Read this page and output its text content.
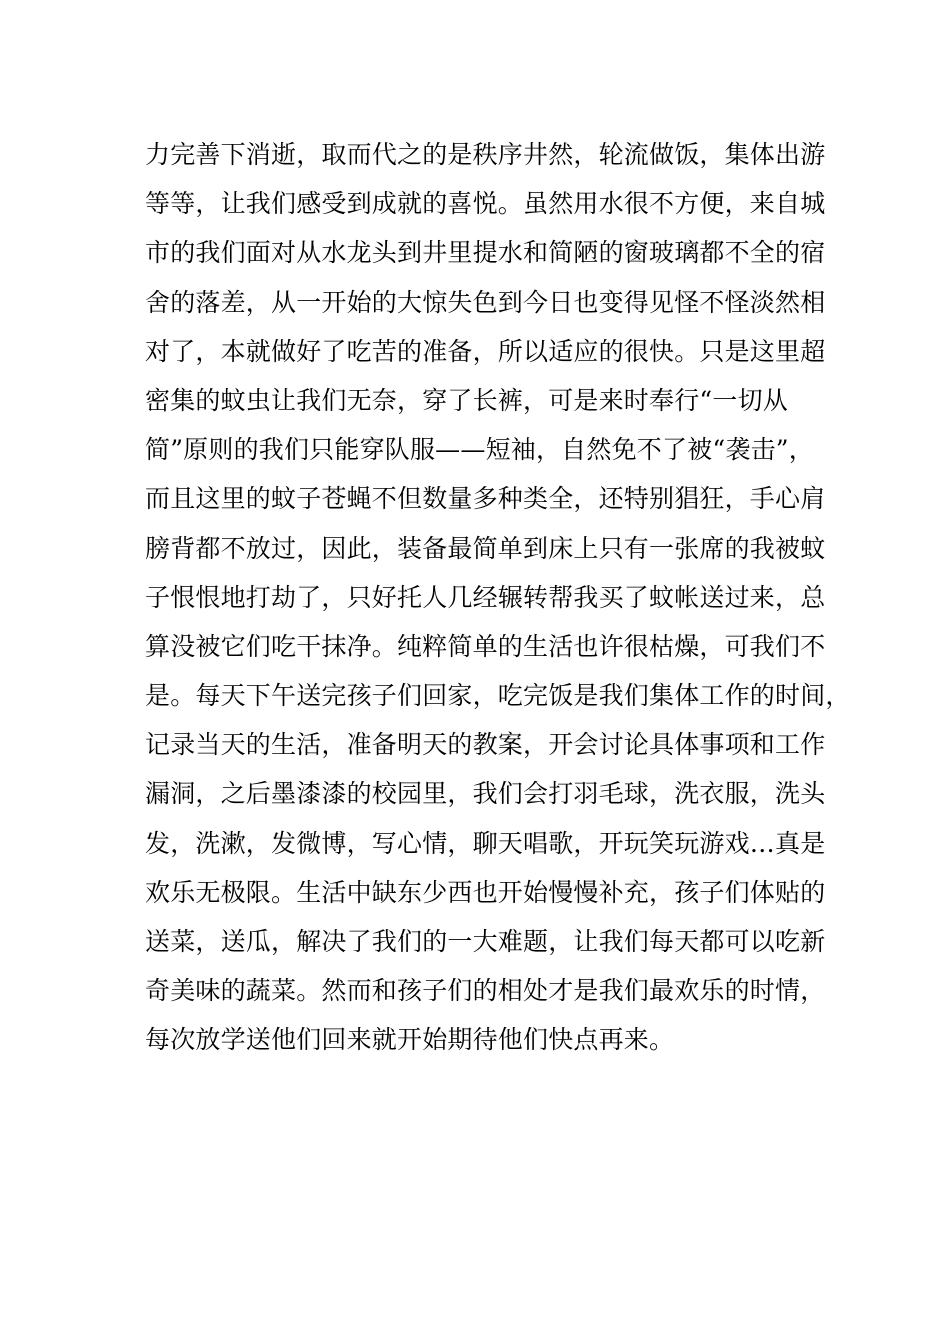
力完善下消逝，取而代之的是秩序井然，轮流做饭，集体出游
等等，让我们感受到成就的喜悦。虽然用水很不方便，来自城
市的我们面对从水龙头到井里提水和简陋的窗玻璃都不全的宿
舍的落差，从一开始的大惊失色到今日也变得见怪不怪淡然相
对了，本就做好了吃苦的准备，所以适应的很快。只是这里超
密集的蚊虫让我们无奈，穿了长裤，可是来时奉行“一切从
简”原则的我们只能穿队服——短袖，自然免不了被“袭击”，
而且这里的蚊子苍蝇不但数量多种类全，还特别猖狂，手心肩
膀背都不放过，因此，装备最简单到床上只有一张席的我被蚊
子恨恨地打劫了，只好托人几经辗转帮我买了蚊帐送过来，总
算没被它们吃干抹净。纯粹简单的生活也许很枯燥，可我们不
是。每天下午送完孩子们回家，吃完饭是我们集体工作的时间，
记录当天的生活，准备明天的教案，开会讨论具体事项和工作
漏洞，之后墨漆漆的校园里，我们会打羽毛球，洗衣服，洗头
发，洗漱，发微博，写心情，聊天唱歌，开玩笑玩游戏…真是
欢乐无极限。生活中缺东少西也开始慢慢补充，孩子们体贴的
送菜，送瓜，解决了我们的一大难题，让我们每天都可以吃新
奇美味的蔬菜。然而和孩子们的相处才是我们最欢乐的时情，
每次放学送他们回来就开始期待他们快点再来。
